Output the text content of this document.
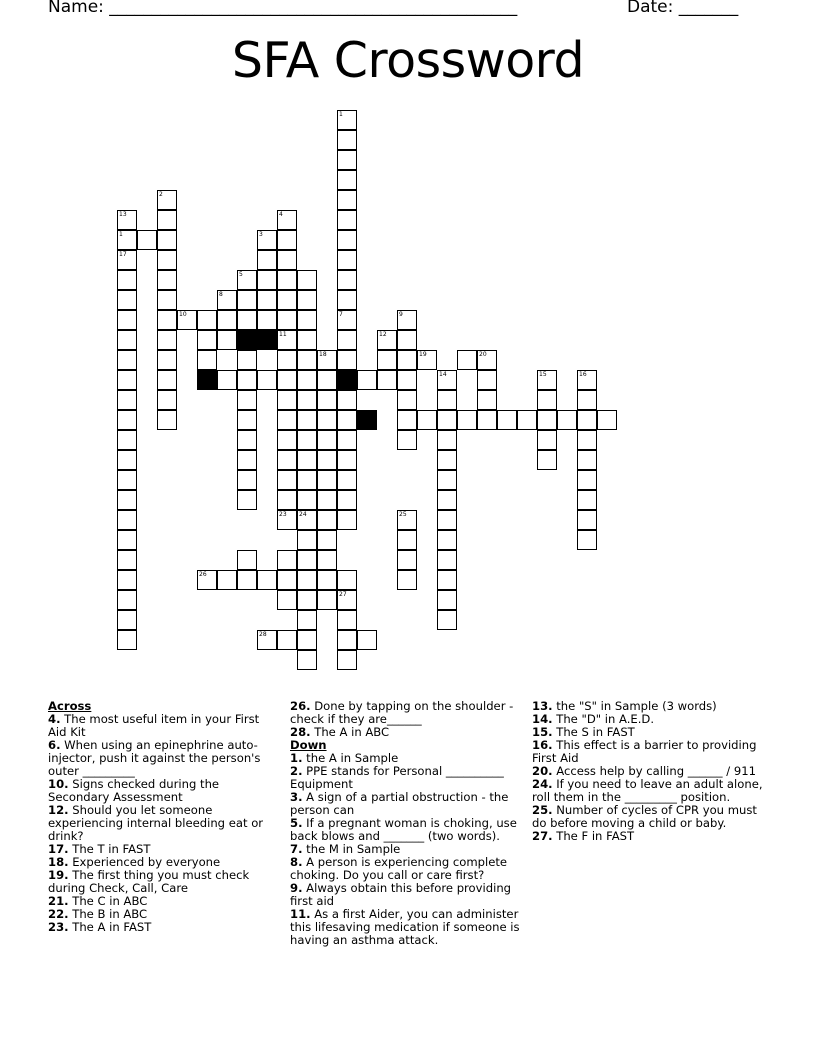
Name: ________________________________________________	Date: _______
SFA Crossword
13
1
17
2
10
26
8
5
3
28
4
11
23 24
18
1
7
27
12
9
25
19
14
20
15	16

Across

4. The most useful item in your First Aid Kit

6. When using an epinephrine auto-injector, push it against the person's outer _________

10. Signs checked during the Secondary Assessment

12. Should you let someone experiencing internal bleeding eat or drink?

17. The T in FAST

18. Experienced by everyone

19. The first thing you must check during Check, Call, Care

21. The C in ABC

22. The B in ABC

23. The A in FAST

26. Done by tapping on the shoulder - check if they are______

28. The A in ABC

Down

1. the A in Sample

2. PPE stands for Personal __________ Equipment

3. A sign of a partial obstruction - the person can

5. If a pregnant woman is choking, use back blows and _______ (two words).

7. the M in Sample

8. A person is experiencing complete choking. Do you call or care first?

9. Always obtain this before providing first aid

11. As a first Aider, you can administer this lifesaving medication if someone is having an asthma attack.

13. the "S" in Sample (3 words)

14. The "D" in A.E.D.

15. The S in FAST

16. This effect is a barrier to providing First Aid

20. Access help by calling ______ / 911

24. If you need to leave an adult alone, roll them in the _________ position.

25. Number of cycles of CPR you must do before moving a child or baby.

27. The F in FAST
